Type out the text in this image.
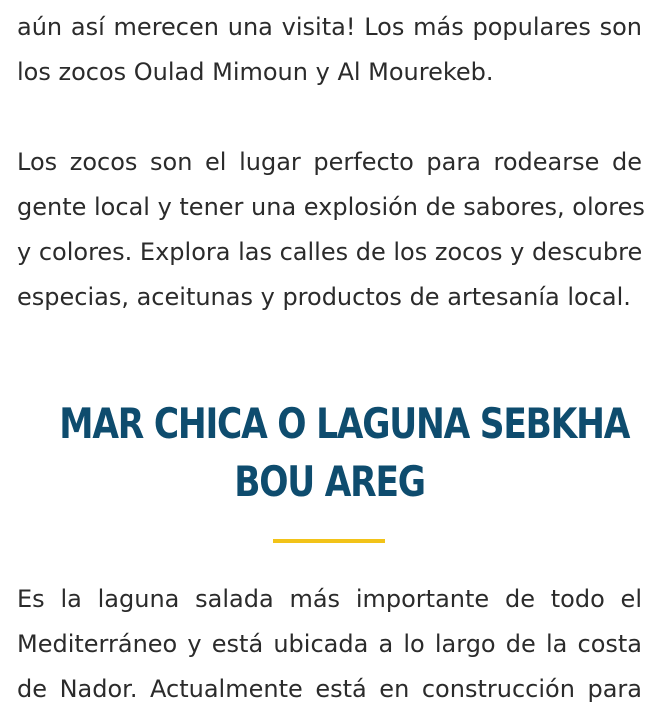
aún así merecen una visita! Los más populares son
los zocos Oulad Mimoun y Al Mourekeb.

Los zocos son el lugar perfecto para rodearse de
gente local y tener una explosión de sabores, olores
y colores. Explora las calles de los zocos y descubre
especias, aceitunas y productos de artesanía local.

MAR CHICA O LAGUNA SEBKHA
BOU AREG

Es la laguna salada más importante de todo el
Mediterráneo y está ubicada a lo largo de la costa
de Nador. Actualmente está en construcción para
